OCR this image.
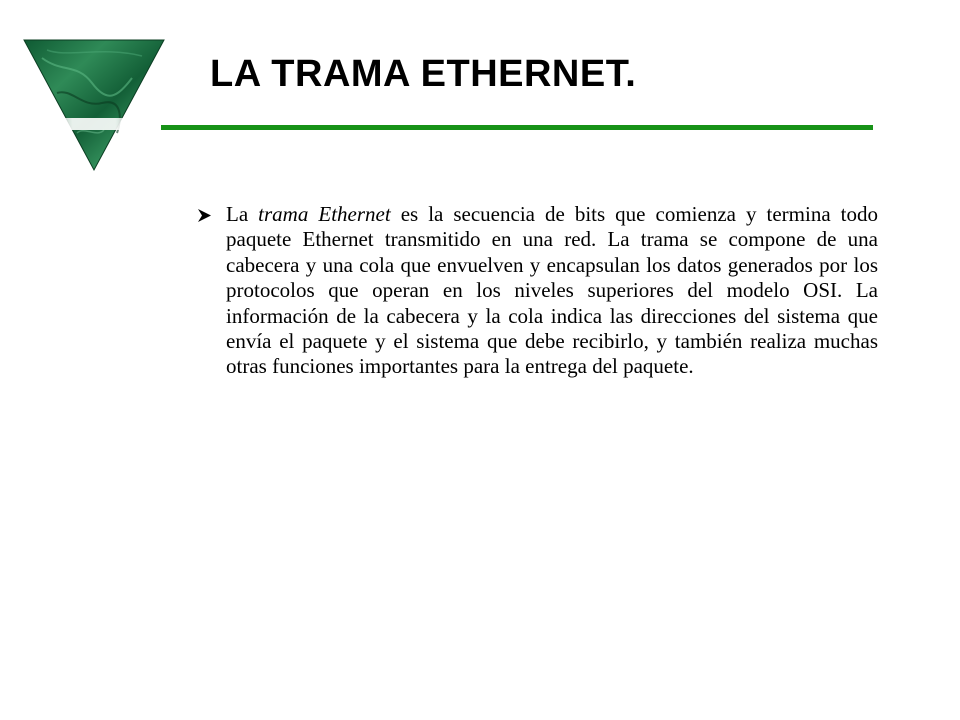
LA TRAMA ETHERNET.
La trama Ethernet es la secuencia de bits que comienza y termina todo paquete Ethernet transmitido en una red. La trama se compone de una cabecera y una cola que envuelven y encapsulan los datos generados por los protocolos que operan en los niveles superiores del modelo OSI. La información de la cabecera y la cola indica las direcciones del sistema que envía el paquete y el sistema que debe recibirlo, y también realiza muchas otras funciones importantes para la entrega del paquete.
